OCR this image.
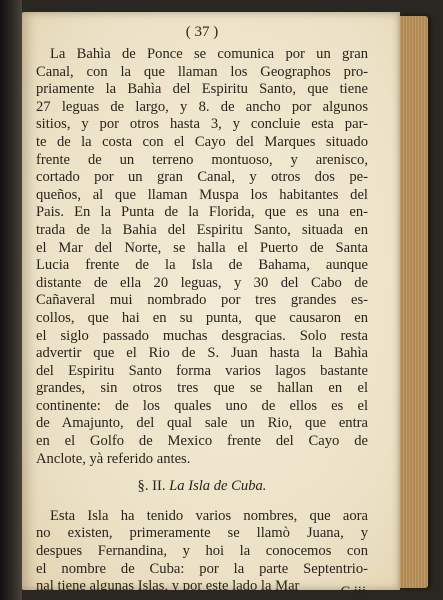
( 37 )
La Bahìa de Ponce se comunica por un gran
Canal, con la que llaman los Geographos pro-
priamente la Bahìa del Espiritu Santo, que tiene
27 leguas de largo, y 8. de ancho por algunos
sitios, y por otros hasta 3, y concluie esta par-
te de la costa con el Cayo del Marques situado
frente de un terreno montuoso, y arenisco,
cortado por un gran Canal, y otros dos pe-
queños, al que llaman Muspa los habitantes del
Pais. En la Punta de la Florida, que es una en-
trada de la Bahia del Espiritu Santo, situada en
el Mar del Norte, se halla el Puerto de Santa
Lucia frente de la Isla de Bahama, aunque
distante de ella 20 leguas, y 30 del Cabo de
Cañaveral mui nombrado por tres grandes es-
collos, que hai en su punta, que causaron en
el siglo passado muchas desgracias. Solo resta
advertir que el Rio de S. Juan hasta la Bahìa
del Espiritu Santo forma varios lagos bastante
grandes, sin otros tres que se hallan en el
continente: de los quales uno de ellos es el
de Amajunto, del qual sale un Rio, que entra
en el Golfo de Mexico frente del Cayo de
Anclote, yà referido antes.
§. II. La Isla de Cuba.
Esta Isla ha tenido varios nombres, que aora
no existen, primeramente se llamò Juana, y
despues Fernandina, y hoi la conocemos con
el nombre de Cuba: por la parte Septentrio-
nal tiene algunas Islas, y por este lado la Mar	C iij
